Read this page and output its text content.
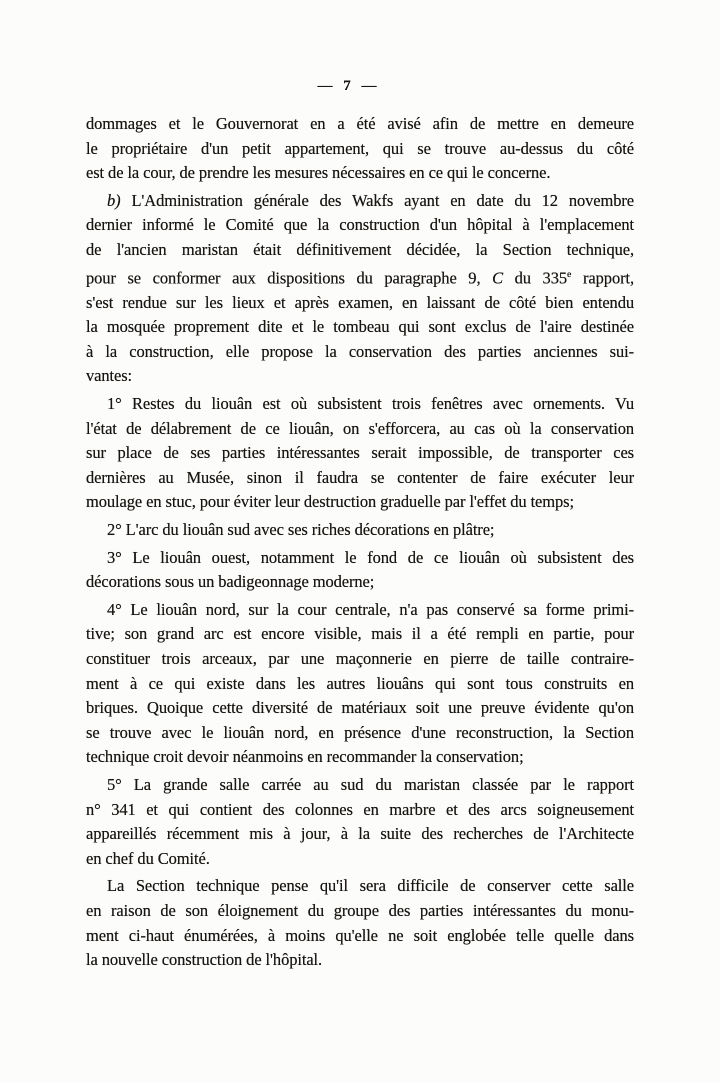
— 7 —
dommages et le Gouvernorat en a été avisé afin de mettre en demeure
le propriétaire d'un petit appartement, qui se trouve au-dessus du côté
est de la cour, de prendre les mesures nécessaires en ce qui le concerne.
b) L'Administration générale des Wakfs ayant en date du 12 novembre
dernier informé le Comité que la construction d'un hôpital à l'emplacement
de l'ancien maristan était définitivement décidée, la Section technique,
pour se conformer aux dispositions du paragraphe 9, C du 335e rapport,
s'est rendue sur les lieux et après examen, en laissant de côté bien entendu
la mosquée proprement dite et le tombeau qui sont exclus de l'aire destinée
à la construction, elle propose la conservation des parties anciennes sui-
vantes:
1° Restes du liouân est où subsistent trois fenêtres avec ornements. Vu
l'état de délabrement de ce liouân, on s'efforcera, au cas où la conservation
sur place de ses parties intéressantes serait impossible, de transporter ces
dernières au Musée, sinon il faudra se contenter de faire exécuter leur
moulage en stuc, pour éviter leur destruction graduelle par l'effet du temps;
2° L'arc du liouân sud avec ses riches décorations en plâtre;
3° Le liouân ouest, notamment le fond de ce liouân où subsistent des
décorations sous un badigeonnage moderne;
4° Le liouân nord, sur la cour centrale, n'a pas conservé sa forme primi-
tive; son grand arc est encore visible, mais il a été rempli en partie, pour
constituer trois arceaux, par une maçonnerie en pierre de taille contraire-
ment à ce qui existe dans les autres liouâns qui sont tous construits en
briques. Quoique cette diversité de matériaux soit une preuve évidente qu'on
se trouve avec le liouân nord, en présence d'une reconstruction, la Section
technique croit devoir néanmoins en recommander la conservation;
5° La grande salle carrée au sud du maristan classée par le rapport
n° 341 et qui contient des colonnes en marbre et des arcs soigneusement
appareillés récemment mis à jour, à la suite des recherches de l'Architecte
en chef du Comité.
La Section technique pense qu'il sera difficile de conserver cette salle
en raison de son éloignement du groupe des parties intéressantes du monu-
ment ci-haut énumérées, à moins qu'elle ne soit englobée telle quelle dans
la nouvelle construction de l'hôpital.
